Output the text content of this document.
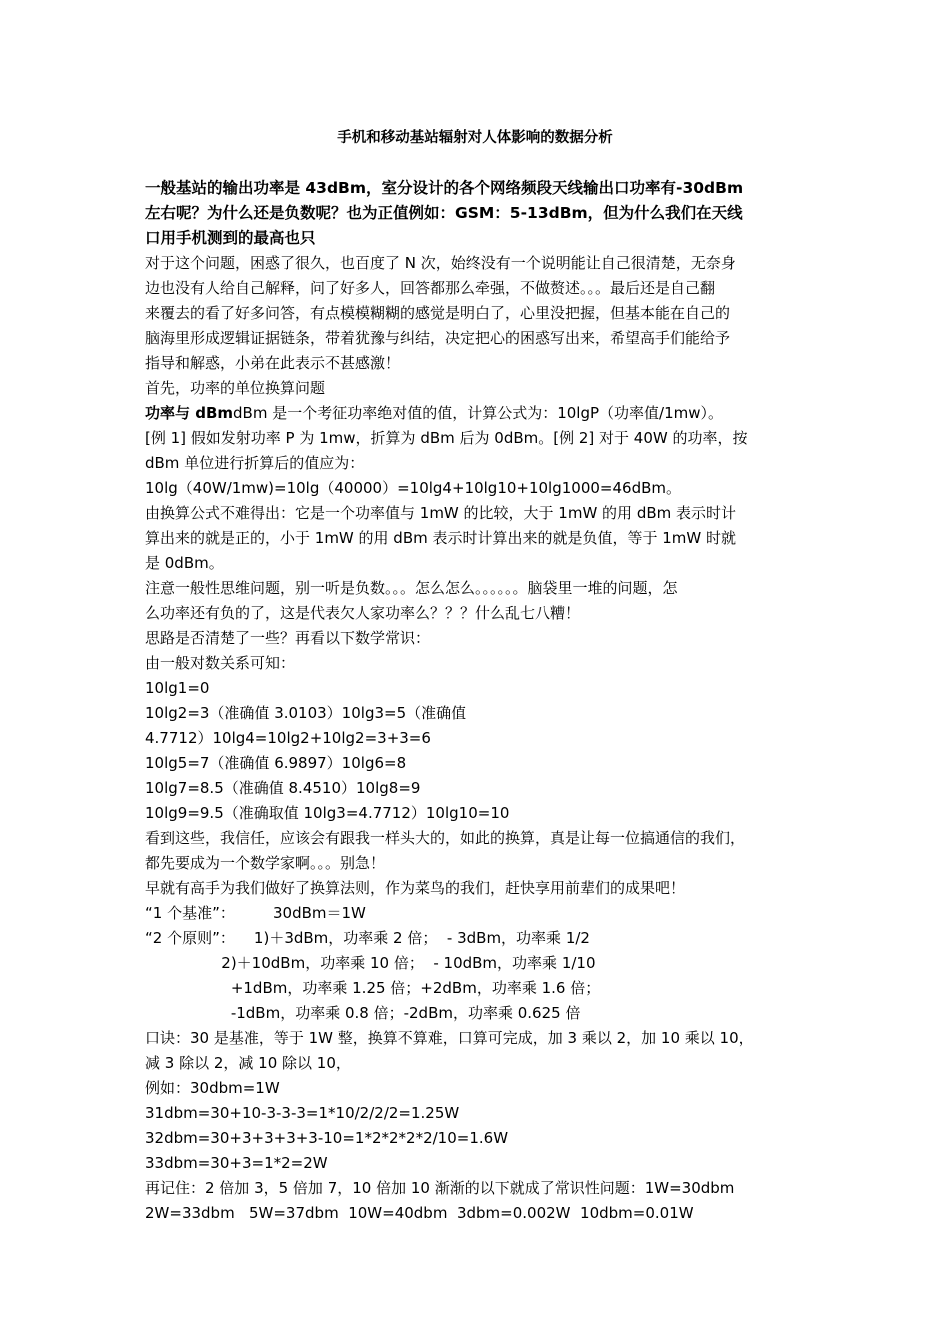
手机和移动基站辐射对人体影响的数据分析
一般基站的输出功率是 43dBm，室分设计的各个网络频段天线输出口功率有-30dBm
左右呢？为什么还是负数呢？也为正值例如：GSM：5-13dBm，但为什么我们在天线
口用手机测到的最高也只
对于这个问题，困惑了很久，也百度了 N 次，始终没有一个说明能让自己很清楚，无奈身
边也没有人给自己解释，问了好多人，回答都那么牵强，不做赘述。。。最后还是自己翻
来覆去的看了好多问答，有点模模糊糊的感觉是明白了，心里没把握，但基本能在自己的
脑海里形成逻辑证据链条，带着犹豫与纠结，决定把心的困惑写出来，希望高手们能给予
指导和解惑，小弟在此表示不甚感激！
首先，功率的单位换算问题
功率与 dBmdBm 是一个考征功率绝对值的值，计算公式为：10lgP（功率值/1mw）。
[例 1] 假如发射功率 P 为 1mw，折算为 dBm 后为 0dBm。[例 2] 对于 40W 的功率，按
dBm 单位进行折算后的值应为：
10lg（40W/1mw)=10lg（40000）=10lg4+10lg10+10lg1000=46dBm。
由换算公式不难得出：它是一个功率值与 1mW 的比较，大于 1mW 的用 dBm 表示时计
算出来的就是正的，小于 1mW 的用 dBm 表示时计算出来的就是负值，等于 1mW 时就
是 0dBm。
注意一般性思维问题，别一听是负数。。。怎么怎么。。。。。。脑袋里一堆的问题，怎
么功率还有负的了，这是代表欠人家功率么？？？什么乱七八糟！
思路是否清楚了一些？再看以下数学常识：
由一般对数关系可知：
10lg1=0
10lg2=3（准确值 3.0103）10lg3=5（准确值
4.7712）10lg4=10lg2+10lg2=3+3=6
10lg5=7（准确值 6.9897）10lg6=8
10lg7=8.5（准确值 8.4510）10lg8=9
10lg9=9.5（准确取值 10lg3=4.7712）10lg10=10
看到这些，我信任，应该会有跟我一样头大的，如此的换算，真是让每一位搞通信的我们，
都先要成为一个数学家啊。。。别急！
早就有高手为我们做好了换算法则，作为菜鸟的我们，赶快享用前辈们的成果吧！
“1 个基准”：        30dBm＝1W
“2 个原则”：    1)＋3dBm，功率乘 2 倍；  - 3dBm，功率乘 1/2
2)＋10dBm，功率乘 10 倍；  - 10dBm，功率乘 1/10
+1dBm，功率乘 1.25 倍；+2dBm，功率乘 1.6 倍；
-1dBm，功率乘 0.8 倍；-2dBm，功率乘 0.625 倍
口诀：30 是基准，等于 1W 整，换算不算难，口算可完成，加 3 乘以 2，加 10 乘以 10，
减 3 除以 2，减 10 除以 10，
例如：30dbm=1W
31dbm=30+10-3-3-3=1*10/2/2/2=1.25W
32dbm=30+3+3+3+3-10=1*2*2*2*2/10=1.6W
33dbm=30+3=1*2=2W
再记住：2 倍加 3，5 倍加 7，10 倍加 10 渐渐的以下就成了常识性问题：1W=30dbm
2W=33dbm   5W=37dbm  10W=40dbm  3dbm=0.002W  10dbm=0.01W
